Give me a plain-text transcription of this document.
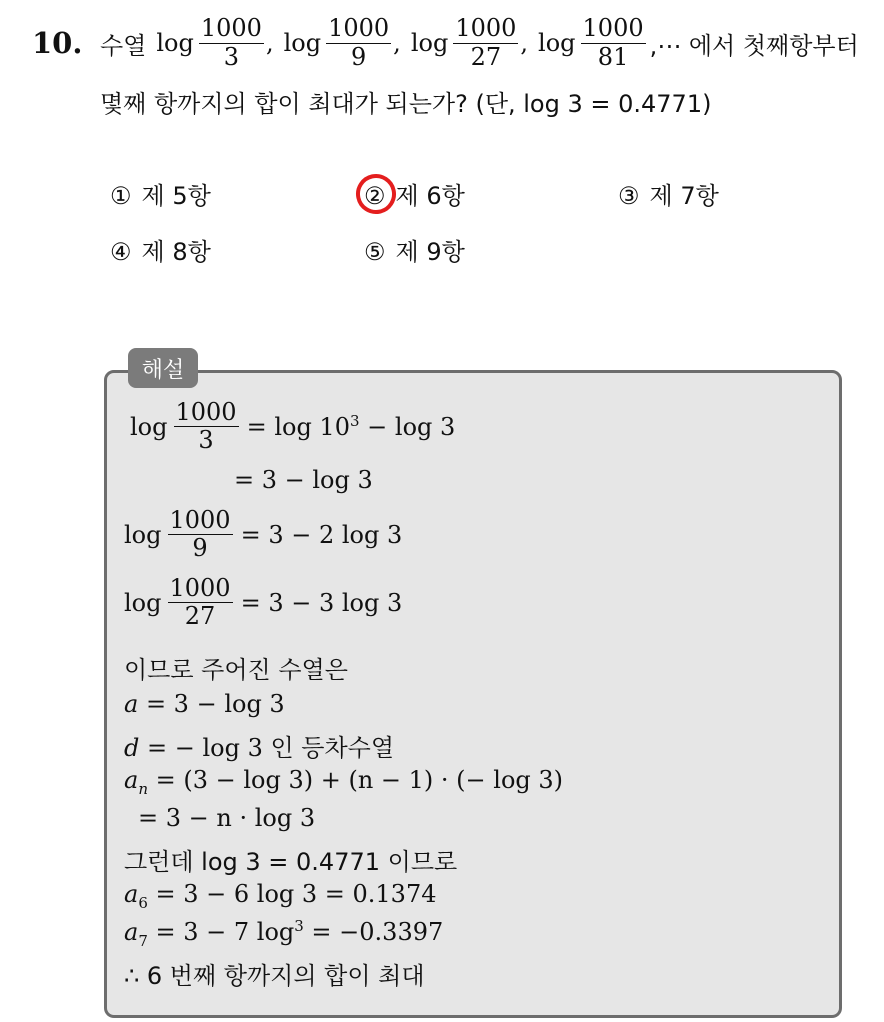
10. 수열 $\log \frac{1000}{3}$ , $\log \frac{1000}{9}$ , $\log \frac{1000}{27}$ , $\log \frac{1000}{81}$ ,⋯ 에서 첫째항부터
몇째 항까지의 합이 최대가 되는가? (단, log 3 = 0.4771)
① 제 5항	② 제 6항	③ 제 7항
④ 제 8항	⑤ 제 9항
해설
$\log \frac{1000}{3} = \log 10^3 - \log 3$
= 3 − log 3
$\log \frac{1000}{9} = 3 - 2$ log 3
$\log \frac{1000}{27} = 3 - 3$ log 3
이므로 주어진 수열은
a = 3 − log 3
d = − log 3 인 등차수열
$a_n = (3 - \log 3) + (n - 1)$ · (− log 3)
= 3 − n · log 3
그런데 log 3 = 0.4771 이므로
$a_6 = 3 - 6$ log 3 = 0.1374
$a_7 = 3 - 7$ $\log^3 = -0.3397$
∴ 6 번째 항까지의 합이 최대
